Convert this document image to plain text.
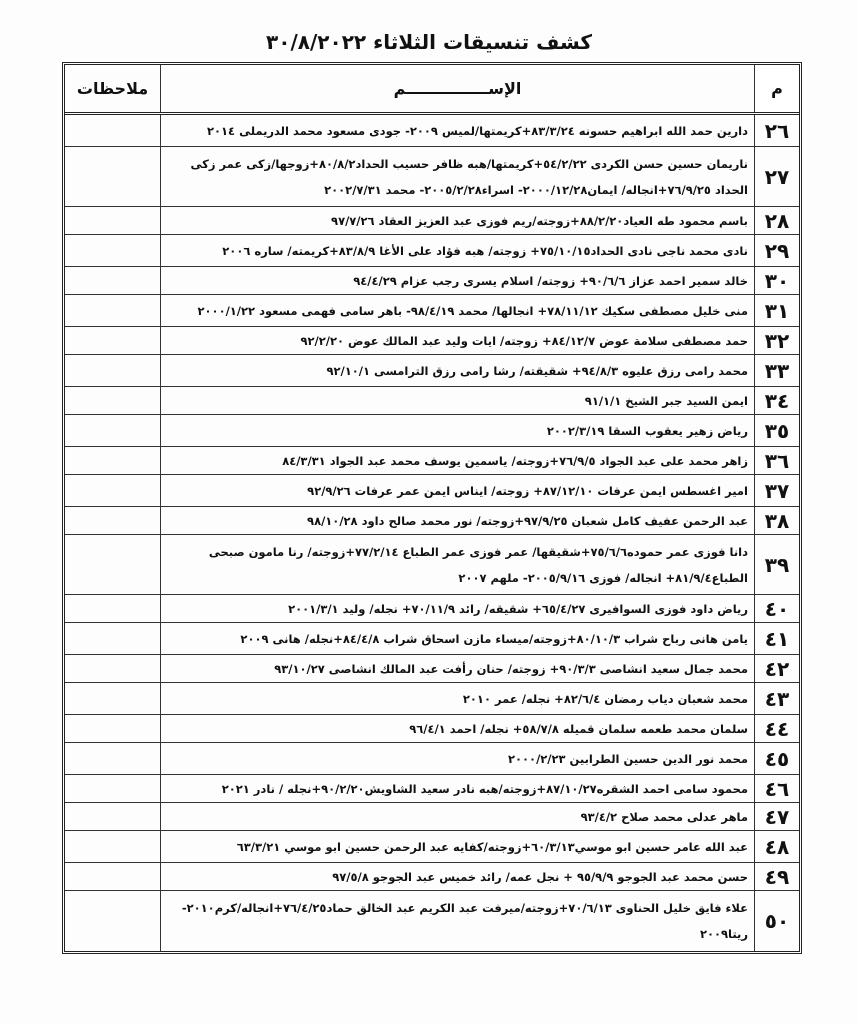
كشف تنسيقات الثلاثاء ٣٠/٨/٢٠٢٢
م
الإســـــــــــــــم
ملاحظات
٢٦
دارين حمد الله ابراهيم حسونه ٨٣/٣/٢٤+كريمتها/لميس ٢٠٠٩- جودى مسعود محمد الدريملى ٢٠١٤
٢٧
ناريمان حسين حسن الكردى ٥٤/٢/٢٢+كريمتها/هبه ظافر حسيب الحداد٨٠/٨/٢+زوجها/زكى عمر زكى الحداد ٧٦/٩/٢٥+انجاله/ ايمان٢٠٠٠/١٢/٢٨- اسراء٢٠٠٥/٢/٢٨- محمد ٢٠٠٢/٧/٣١
٢٨
باسم محمود طه العياد٨٨/٢/٢٠+زوجته/ريم فوزى عبد العزيز العقاد ٩٧/٧/٢٦
٢٩
نادى محمد ناجى نادى الحداد٧٥/١٠/١٥+ زوجته/ هبه فؤاد على الأغا ٨٣/٨/٩+كريمته/ ساره ٢٠٠٦
٣٠
خالد سمير احمد عزاز ٩٠/٦/٦+ زوجته/ اسلام يسرى رجب عزام ٩٤/٤/٢٩
٣١
منى خليل مصطفى سكيك ٧٨/١١/١٢+ انجالها/ محمد ٩٨/٤/١٩- باهر سامى فهمى مسعود ٢٠٠٠/١/٢٢
٣٢
حمد مصطفى سلامة عوض ٨٤/١٢/٧+ زوجته/ ايات وليد عبد المالك عوض ٩٢/٢/٢٠
٣٣
محمد رامى رزق عليوه ٩٤/٨/٣+ شقيقته/ رشا رامى رزق الترامسى ٩٢/١٠/١
٣٤
ايمن السيد جبر الشيخ ٩١/١/١
٣٥
رياض زهير يعقوب السقا ٢٠٠٢/٣/١٩
٣٦
زاهر محمد على عبد الجواد ٧٦/٩/٥+زوجته/ ياسمين يوسف محمد عبد الجواد ٨٤/٣/٣١
٣٧
امير اغسطس ايمن عرفات ٨٧/١٢/١٠+ زوجته/ ايناس ايمن عمر عرفات ٩٢/٩/٢٦
٣٨
عبد الرحمن عفيف كامل شعبان ٩٧/٩/٢٥+زوجته/ نور محمد صالح داود ٩٨/١٠/٢٨
٣٩
دانا فوزى عمر حموده٧٥/٦/٦+شقيقها/ عمر فوزى عمر الطباع ٧٧/٢/١٤+زوجته/ رنا مامون صبحى الطباع٨١/٩/٤+ انجاله/ فوزى ٢٠٠٥/٩/١٦- ملهم ٢٠٠٧
٤٠
رياض داود فوزى السوافيرى ٦٥/٤/٢٧+ شقيقه/ رائد ٧٠/١١/٩+ نجله/ وليد ٢٠٠١/٣/١
٤١
يامن هانى رباح شراب ٨٠/١٠/٣+زوجته/ميساء مازن اسحاق شراب ٨٤/٤/٨+نجله/ هانى ٢٠٠٩
٤٢
محمد جمال سعيد انشاصى ٩٠/٣/٣+ زوجته/ حنان رأفت عبد المالك انشاصى ٩٣/١٠/٢٧
٤٣
محمد شعبان دياب رمضان ٨٢/٦/٤+ نجله/ عمر ٢٠١٠
٤٤
سلمان محمد طعمه سلمان قميله ٥٨/٧/٨+ نجله/ احمد ٩٦/٤/١
٤٥
محمد نور الدين حسين الطرابين ٢٠٠٠/٢/٢٣
٤٦
محمود سامى احمد الشقره٨٧/١٠/٢٧+زوجته/هبه نادر سعيد الشاويش٩٠/٢/٢٠+نجله / نادر ٢٠٢١
٤٧
ماهر عدلى محمد صلاح ٩٣/٤/٢
٤٨
عبد الله عامر حسين ابو موسي٦٠/٣/١٣+زوجته/كفايه عبد الرحمن حسين ابو موسي ٦٣/٣/٢١
٤٩
حسن محمد عبد الجوجو ٩٥/٩/٩ + نجل عمه/ رائد خميس عبد الجوجو ٩٧/٥/٨
٥٠
علاء فايق خليل الحناوى ٧٠/٦/١٣+زوجته/ميرفت عبد الكريم عبد الخالق حماد٧٦/٤/٢٥+انجاله/كرم٢٠١٠- ريتا٢٠٠٩
